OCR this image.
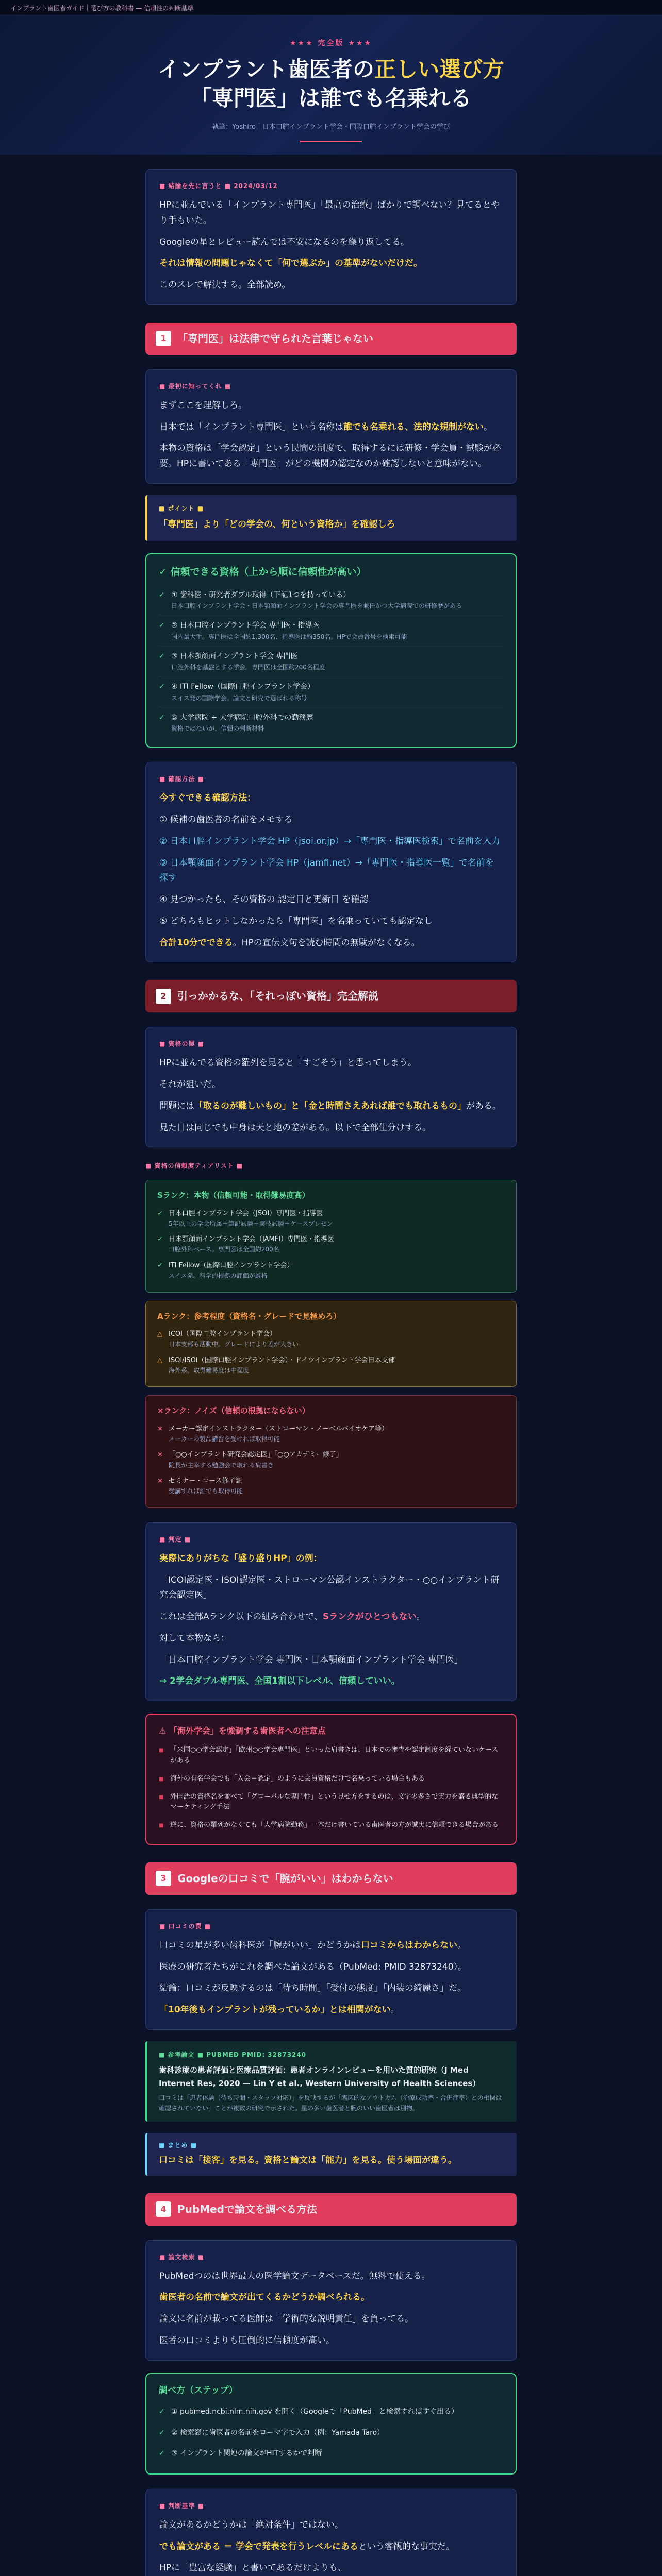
インプラント歯医者ガイド｜選び方の教科書 — 信頼性の判断基準
★★★ 完全版 ★★★
インプラント歯医者の正しい選び方
「専門医」は誰でも名乗れる
執筆：Yoshiro｜日本口腔インプラント学会・国際口腔インプラント学会の学び
■ 結論を先に言うと ■ 2024/03/12

HPに並んでいる「インプラント専門医」「最高の治療」ばかりで調べない？見てるとやり手もいた。

Googleの星とレビュー読んでは不安になるのを繰り返してる。

それは情報の問題じゃなくて「何で選ぶか」の基準がないだけだ。

このスレで解決する。全部読め。

1	「専門医」は法律で守られた言葉じゃない
■ 最初に知ってくれ ■

まずここを理解しろ。

日本では「インプラント専門医」という名称は誰でも名乗れる、法的な規制がない。

本物の資格は「学会認定」という民間の制度で、取得するには研修・学会員・試験が必要。HPに書いてある「専門医」がどの機関の認定なのか確認しないと意味がない。

■ ポイント ■

「専門医」より「どの学会の、何という資格か」を確認しろ

✓ 信頼できる資格（上から順に信頼性が高い）
✓ ① 歯科医・研究者ダブル取得（下記1つを持っている）
日本口腔インプラント学会・日本顎顔面インプラント学会の専門医を兼任かつ大学病院での研修歴がある
✓ ② 日本口腔インプラント学会 専門医・指導医
国内最大手。専門医は全国約1,300名、指導医は約350名。HPで会員番号を検索可能
✓ ③ 日本顎顔面インプラント学会 専門医
口腔外科を基盤とする学会。専門医は全国約200名程度
✓ ④ ITI Fellow（国際口腔インプラント学会）
スイス発の国際学会。論文と研究で選ばれる称号
✓ ⑤ 大学病院 + 大学病院口腔外科での勤務歴
資格ではないが、信頼の判断材料
■ 確認方法 ■

今すぐできる確認方法：

① 候補の歯医者の名前をメモする

② 日本口腔インプラント学会 HP（jsoi.or.jp）→「専門医・指導医検索」で名前を入力

③ 日本顎顔面インプラント学会 HP（jamfi.net）→「専門医・指導医一覧」で名前を探す

④ 見つかったら、その資格の 認定日と更新日 を確認

⑤ どちらもヒットしなかったら「専門医」を名乗っていても認定なし

合計10分でできる。HPの宣伝文句を読む時間の無駄がなくなる。

2	引っかかるな、「それっぽい資格」完全解説
■ 資格の罠 ■

HPに並んでる資格の羅列を見ると「すごそう」と思ってしまう。

それが狙いだ。

問題には「取るのが難しいもの」と「金と時間さえあれば誰でも取れるもの」がある。

見た目は同じでも中身は天と地の差がある。以下で全部仕分けする。

■ 資格の信頼度ティアリスト ■
Sランク：本物（信頼可能・取得難易度高）
✓ 日本口腔インプラント学会（JSOI）専門医・指導医
5年以上の学会所属＋筆記試験＋実技試験＋ケースプレゼン
✓ 日本顎顔面インプラント学会（JAMFI）専門医・指導医
口腔外科ベース。専門医は全国約200名
✓ ITI Fellow（国際口腔インプラント学会）
スイス発。科学的根拠の評価が厳格
Aランク：参考程度（資格名・グレードで見極めろ）
△ ICOI（国際口腔インプラント学会）
日本支部も活動中。グレードにより差が大きい
△ ISOI/ISOI（国際口腔インプラント学会）・ドイツインプラント学会日本支部
海外系。取得難易度は中程度
×ランク：ノイズ（信頼の根拠にならない）
× メーカー認定インストラクター（ストローマン・ノーベルバイオケア等）
メーカーの製品講習を受ければ取得可能
× 「○○インプラント研究会認定医」「○○アカデミー修了」
院長が主宰する勉強会で取れる肩書き
× セミナー・コース修了証
受講すれば誰でも取得可能
■ 判定 ■

実際にありがちな「盛り盛りHP」の例：

「ICOI認定医・ISOI認定医・ストローマン公認インストラクター・○○インプラント研究会認定医」

これは全部Aランク以下の組み合わせで、Sランクがひとつもない。

対して本物なら：

「日本口腔インプラント学会 専門医・日本顎顔面インプラント学会 専門医」

→ 2学会ダブル専門医、全国1割以下レベル、信頼していい。

⚠ 「海外学会」を強調する歯医者への注意点
■ 「米国○○学会認定」「欧州○○学会専門医」といった肩書きは、日本での審査や認定制度を経ていないケースがある
■ 海外の有名学会でも「入会＝認定」のように会員資格だけで名乗っている場合もある
■ 外国語の資格名を並べて「グローバルな専門性」という見せ方をするのは、文字の多さで実力を盛る典型的なマーケティング手法
■ 逆に、資格の羅列がなくても「大学病院勤務」一本だけ書いている歯医者の方が誠実に信頼できる場合がある
3	Googleの口コミで「腕がいい」はわからない
■ 口コミの罠 ■

口コミの星が多い歯科医が「腕がいい」かどうかは口コミからはわからない。

医療の研究者たちがこれを調べた論文がある（PubMed: PMID 32873240）。

結論：口コミが反映するのは「待ち時間」「受付の態度」「内装の綺麗さ」だ。

「10年後もインプラントが残っているか」とは相関がない。

■ 参考論文 ■ PUBMED PMID: 32873240
歯科診療の患者評価と医療品質評価：患者オンラインレビューを用いた質的研究（J Med Internet Res, 2020 — Lin Y et al., Western University of Health Sciences）

口コミは「患者体験（待ち時間・スタッフ対応）」を反映するが「臨床的なアウトカム（治療成功率・合併症率）との相関は確認されていない」ことが複数の研究で示された。星の多い歯医者と腕のいい歯医者は別物。

■ まとめ ■

口コミは「接客」を見る。資格と論文は「能力」を見る。使う場面が違う。

4	PubMedで論文を調べる方法
■ 論文検索 ■

PubMedつのは世界最大の医学論文データベースだ。無料で使える。

歯医者の名前で論文が出てくるかどうか調べられる。

論文に名前が載ってる医師は「学術的な説明責任」を負ってる。

医者の口コミよりも圧倒的に信頼度が高い。

調べ方（ステップ）
✓ ① pubmed.ncbi.nlm.nih.gov を開く（Googleで「PubMed」と検索すればすぐ出る）
✓ ② 検索窓に歯医者の名前をローマ字で入力（例：Yamada Taro）
✓ ③ インプラント関連の論文がHITするかで判断
■ 判断基準 ■

論文があるかどうかは「絶対条件」ではない。

でも論文がある ＝ 学会で発表を行うレベルにあるという客観的な事実だ。

HPに「豊富な経験」と書いてあるだけよりも、
